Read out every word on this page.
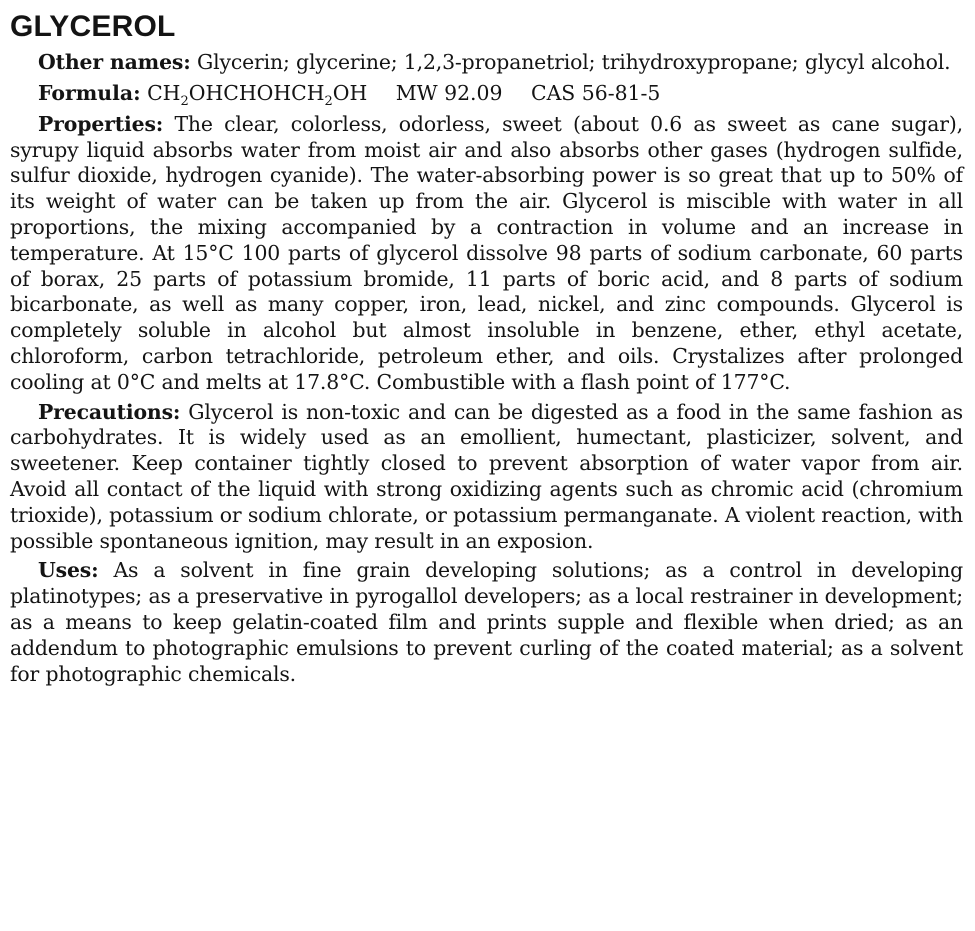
GLYCEROL

Other names: Glycerin; glycerine; 1,2,3-propanetriol; trihydroxypropane; glycyl alcohol.

Formula: $CH_2OHCHOHCH_2OH$ MW 92.09 CAS 56-81-5

Properties: The clear, colorless, odorless, sweet (about 0.6 as sweet as cane sugar), syrupy liquid absorbs water from moist air and also absorbs other gases (hydrogen sulfide, sulfur dioxide, hydrogen cyanide). The water-absorbing power is so great that up to 50% of its weight of water can be taken up from the air. Glycerol is miscible with water in all proportions, the mixing accompanied by a contraction in volume and an increase in temperature. At 15°C 100 parts of glycerol dissolve 98 parts of sodium carbonate, 60 parts of borax, 25 parts of potassium bromide, 11 parts of boric acid, and 8 parts of sodium bicarbonate, as well as many copper, iron, lead, nickel, and zinc compounds. Glycerol is completely soluble in alcohol but almost insoluble in benzene, ether, ethyl acetate, chloroform, carbon tetrachloride, petroleum ether, and oils. Crystalizes after prolonged cooling at 0°C and melts at 17.8°C. Combustible with a flash point of 177°C.

Precautions: Glycerol is non-toxic and can be digested as a food in the same fashion as carbohydrates. It is widely used as an emollient, humectant, plasticizer, solvent, and sweetener. Keep container tightly closed to prevent absorption of water vapor from air. Avoid all contact of the liquid with strong oxidizing agents such as chromic acid (chromium trioxide), potassium or sodium chlorate, or potassium permanganate. A violent reaction, with possible spontaneous ignition, may result in an exposion.

Uses: As a solvent in fine grain developing solutions; as a control in developing platinotypes; as a preservative in pyrogallol developers; as a local restrainer in development; as a means to keep gelatin-coated film and prints supple and flexible when dried; as an addendum to photographic emulsions to prevent curling of the coated material; as a solvent for photographic chemicals.
